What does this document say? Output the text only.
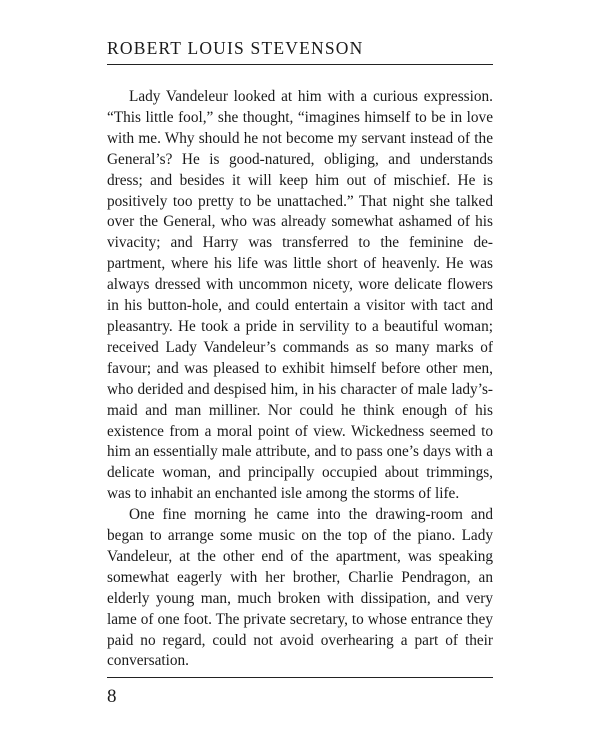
ROBERT LOUIS STEVENSON

Lady Vandeleur looked at him with a curious expression. “This little fool,” she thought, “imagines himself to be in love with me. Why should he not become my servant instead of the General’s? He is good-natured, obliging, and understands dress; and besides it will keep him out of mischief. He is positively too pretty to be unattached.” That night she talked over the General, who was already somewhat ashamed of his vivacity; and Harry was transferred to the feminine department, where his life was little short of heavenly. He was always dressed with uncommon nicety, wore delicate flowers in his button-hole, and could entertain a visitor with tact and pleasantry. He took a pride in servility to a beautiful woman; received Lady Vandeleur’s commands as so many marks of favour; and was pleased to exhibit himself before other men, who derided and despised him, in his character of male lady’s-maid and man milliner. Nor could he think enough of his existence from a moral point of view. Wickedness seemed to him an essentially male attribute, and to pass one’s days with a delicate woman, and principally occupied about trimmings, was to inhabit an enchanted isle among the storms of life.

One fine morning he came into the drawing-room and began to arrange some music on the top of the piano. Lady Vandeleur, at the other end of the apartment, was speaking somewhat eagerly with her brother, Charlie Pendragon, an elderly young man, much broken with dissipation, and very lame of one foot. The private secretary, to whose entrance they paid no regard, could not avoid overhearing a part of their conversation.

8
